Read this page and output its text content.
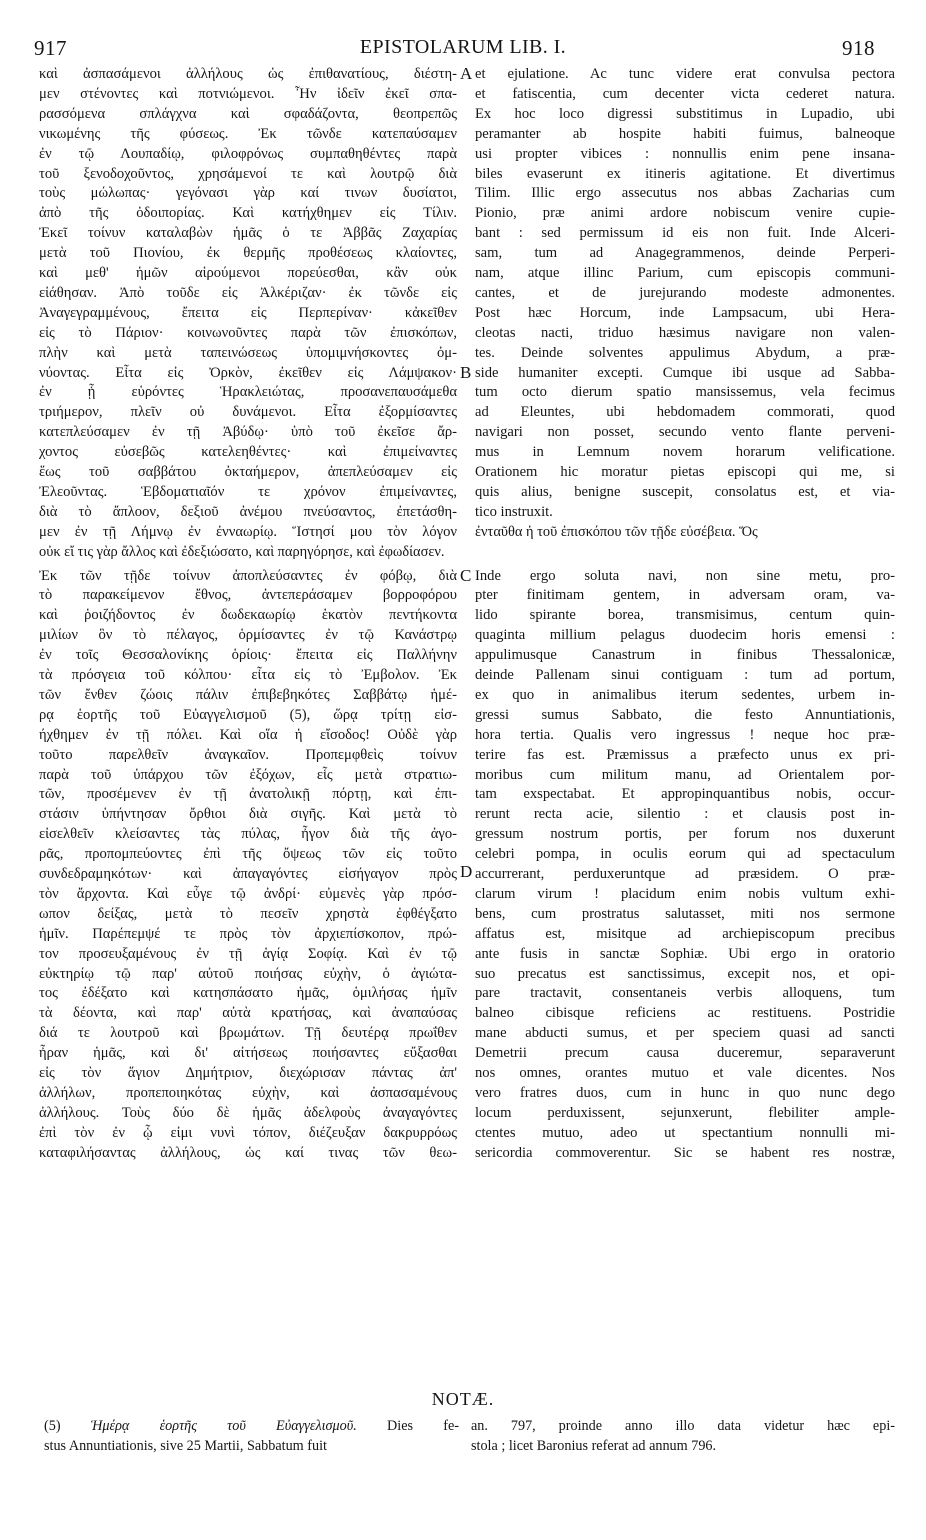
917	EPISTOLARUM LIB. I.	918
καὶ ἀσπασάμενοι ἀλλήλους ὡς ἐπιθανατίους, διέστη-
μεν στένοντες καὶ ποτνιώμενοι. Ἦν ἰδεῖν ἐκεῖ σπα-
ρασσόμενα σπλάγχνα καὶ σφαδάζοντα, θεοπρεπῶς
νικωμένης τῆς φύσεως. Ἐκ τῶνδε κατεπαύσαμεν
ἐν τῷ Λουπαδίῳ, φιλοφρόνως συμπαθηθέντες παρὰ
τοῦ ξενοδοχοῦντος, χρησάμενοί τε καὶ λουτρῷ διὰ
τοὺς μώλωπας· γεγόνασι γὰρ καί τινων δυσίατοι,
ἀπὸ τῆς ὁδοιπορίας. Καὶ κατήχθημεν εἰς Τίλιν.
Ἐκεῖ τοίνυν καταλαβὼν ἡμᾶς ὁ τε Ἀββᾶς Ζαχαρίας
μετὰ τοῦ Πιονίου, ἐκ θερμῆς προθέσεως κλαίοντες,
καὶ μεθ' ἡμῶν αἱρούμενοι πορεύεσθαι, κἂν οὐκ
εἰάθησαν. Ἀπὸ τοῦδε εἰς Ἀλκέριζαν· ἐκ τῶνδε εἰς
Ἀναγεγραμμένους, ἔπειτα εἰς Περπερίναν· κἀκεῖθεν
εἰς τὸ Πάριον· κοινωνοῦντες παρὰ τῶν ἐπισκόπων,
πλὴν καὶ μετὰ ταπεινώσεως ὑπομιμνήσκοντες ὀμ-
νύοντας. Εἶτα εἰς Ὀρκὸν, ἐκεῖθεν εἰς Λάμψακον·
ἐν ᾗ εὑρόντες Ἡρακλειώτας, προσανεπαυσάμεθα
τριήμερον, πλεῖν οὐ δυνάμενοι. Εἶτα ἐξορμίσαντες
κατεπλεύσαμεν ἐν τῇ Ἀβύδῳ· ὑπὸ τοῦ ἐκεῖσε ἄρ-
χοντος εὐσεβῶς κατελεηθέντες· καὶ ἐπιμείναντες
ἕως τοῦ σαββάτου ὀκταήμερον, ἀπεπλεύσαμεν εἰς
Ἐλεοῦντας. Ἑβδοματιαῖόν τε χρόνον ἐπιμείναντες,
διὰ τὸ ἄπλοον, δεξιοῦ ἀνέμου πνεύσαντος, ἐπετάσθη-
μεν ἐν τῇ Λήμνῳ ἐν ἐνναωρίῳ. Ἵστησί μου τὸν λόγον
et ejulatione. Ac tunc videre erat convulsa pectora
et fatiscentia, cum decenter victa cederet natura.
Ex hoc loco digressi substitimus in Lupadio, ubi
peramanter ab hospite habiti fuimus, balneoque
usi propter vibices : nonnullis enim pene insana-
biles evaserunt ex itineris agitatione. Et divertimus
Tilim. Illic ergo assecutus nos abbas Zacharias cum
Pionio, præ animi ardore nobiscum venire cupie-
bant : sed permissum id eis non fuit. Inde Alceri-
sam, tum ad Anagegrammenos, deinde Perperi-
nam, atque illinc Parium, cum episcopis communi-
cantes, et de jurejurando modeste admonentes.
Post hæc Horcum, inde Lampsacum, ubi Hera-
cleotas nacti, triduo hæsimus navigare non valen-
tes. Deinde solventes appulimus Abydum, a præ-
side humaniter excepti. Cumque ibi usque ad Sabba-
tum octo dierum spatio mansissemus, vela fecimus
ad Eleuntes, ubi hebdomadem commorati, quod
navigari non posset, secundo vento flante perveni-
mus in Lemnum novem horarum velificatione.
Orationem hic moratur pietas episcopi qui me, si
quis alius, benigne suscepit, consolatus est, et via-
tico instruxit.
ἐνταῦθα ἡ τοῦ ἐπισκόπου τῶν τῇδε εὐσέβεια. Ὅς
οὐκ εἴ τις γὰρ ἄλλος καὶ ἐδεξιώσατο, καὶ παρηγόρησε, καὶ ἐφωδίασεν.
Ἐκ τῶν τῇδε τοίνυν ἀποπλεύσαντες ἐν φόβῳ, διὰ
τὸ παρακείμενον ἔθνος, ἀντεπεράσαμεν βορροφόρου
καὶ ῥοιζήδοντος ἐν δωδεκαωρίῳ ἑκατὸν πεντήκοντα
μιλίων ὃν τὸ πέλαγος, ὁρμίσαντες ἐν τῷ Κανάστρῳ
ἐν τοῖς Θεσσαλονίκης ὁρίοις· ἔπειτα εἰς Παλλήνην
τὰ πρόσγεια τοῦ κόλπου· εἶτα εἰς τὸ Ἐμβολον. Ἐκ
τῶν ἔνθεν ζώοις πάλιν ἐπιβεβηκότες Σαββάτῳ ἡμέ-
ρᾳ ἑορτῆς τοῦ Εὐαγγελισμοῦ (5), ὥρᾳ τρίτῃ εἰσ-
ήχθημεν ἐν τῇ πόλει. Καὶ οἵα ἡ εἴσοδος! Οὐδὲ γὰρ
τοῦτο παρελθεῖν ἀναγκαῖον. Προπεμφθεὶς τοίνυν
παρὰ τοῦ ὑπάρχου τῶν ἐξόχων, εἷς μετὰ στρατιω-
τῶν, προσέμενεν ἐν τῇ ἀνατολικῇ πόρτῃ, καὶ ἐπι-
στάσιν ὑπήντησαν ὄρθιοι διὰ σιγῆς. Καὶ μετὰ τὸ
εἰσελθεῖν κλείσαντες τὰς πύλας, ἦγον διὰ τῆς ἀγο-
ρᾶς, προπομπεύοντες ἐπὶ τῆς ὄψεως τῶν εἰς τοῦτο
συνδεδραμηκότων· καὶ ἀπαγαγόντες εἰσήγαγον πρὸς
τὸν ἄρχοντα. Καὶ εὖγε τῷ ἀνδρί· εὐμενὲς γὰρ πρόσ-
ωπον δείξας, μετὰ τὸ πεσεῖν χρηστὰ ἐφθέγξατο
ἡμῖν. Παρέπεμψέ τε πρὸς τὸν ἀρχιεπίσκοπον, πρώ-
τον προσευξαμένους ἐν τῇ ἁγίᾳ Σοφίᾳ. Καὶ ἐν τῷ
εὐκτηρίῳ τῷ παρ' αὐτοῦ ποιήσας εὐχὴν, ὁ ἁγιώτα-
τος ἐδέξατο καὶ κατησπάσατο ἡμᾶς, ὁμιλήσας ἡμῖν
τὰ δέοντα, καὶ παρ' αὐτὰ κρατήσας, καὶ ἀναπαύσας
διά τε λουτροῦ καὶ βρωμάτων. Τῇ δευτέρᾳ πρωΐθεν
ἦραν ἡμᾶς, καὶ δι' αἰτήσεως ποιήσαντες εὔξασθαι
εἰς τὸν ἅγιον Δημήτριον, διεχώρισαν πάντας ἀπ'
ἀλλήλων, προπεποιηκότας εὐχὴν, καὶ ἀσπασαμένους
ἀλλήλους. Τοὺς δύο δὲ ἡμᾶς ἀδελφοὺς ἀναγαγόντες
ἐπὶ τὸν ἐν ᾧ εἰμι νυνὶ τόπον, διέζευξαν δακρυρρόως
καταφιλήσαντας ἀλλήλους, ὡς καί τινας τῶν θεω-
Inde ergo soluta navi, non sine metu, pro-
pter finitimam gentem, in adversam oram, va-
lido spirante borea, transmisimus, centum quin-
quaginta millium pelagus duodecim horis emensi :
appulimusque Canastrum in finibus Thessalonicæ,
deinde Pallenam sinui contiguam : tum ad portum,
ex quo in animalibus iterum sedentes, urbem in-
gressi sumus Sabbato, die festo Annuntiationis,
hora tertia. Qualis vero ingressus ! neque hoc præ-
terire fas est. Præmissus a præfecto unus ex pri-
moribus cum militum manu, ad Orientalem por-
tam exspectabat. Et appropinquantibus nobis, occur-
rerunt recta acie, silentio : et clausis post in-
gressum nostrum portis, per forum nos duxerunt
celebri pompa, in oculis eorum qui ad spectaculum
accurrerant, perduxeruntque ad præsidem. O præ-
clarum virum ! placidum enim nobis vultum exhi-
bens, cum prostratus salutasset, miti nos sermone
affatus est, misitque ad archiepiscopum precibus
ante fusis in sanctæ Sophiæ. Ubi ergo in oratorio
suo precatus est sanctissimus, excepit nos, et opi-
pare tractavit, consentaneis verbis alloquens, tum
balneo cibisque reficiens ac restituens. Postridie
mane abducti sumus, et per speciem quasi ad sancti
Demetrii precum causa duceremur, separaverunt
nos omnes, orantes mutuo et vale dicentes. Nos
vero fratres duos, cum in hunc in quo nunc dego
locum perduxissent, sejunxerunt, flebiliter ample-
ctentes mutuo, adeo ut spectantium nonnulli mi-
sericordia commoverentur. Sic se habent res nostræ,
A
B
C
D
NOTÆ.
(5) Ἡμέρᾳ ἑορτῆς τοῦ Εὐαγγελισμοῦ. Dies fe-
stus Annuntiationis, sive 25 Martii, Sabbatum fuit
an. 797, proinde anno illo data videtur hæc epi-
stola ; licet Baronius referat ad annum 796.
